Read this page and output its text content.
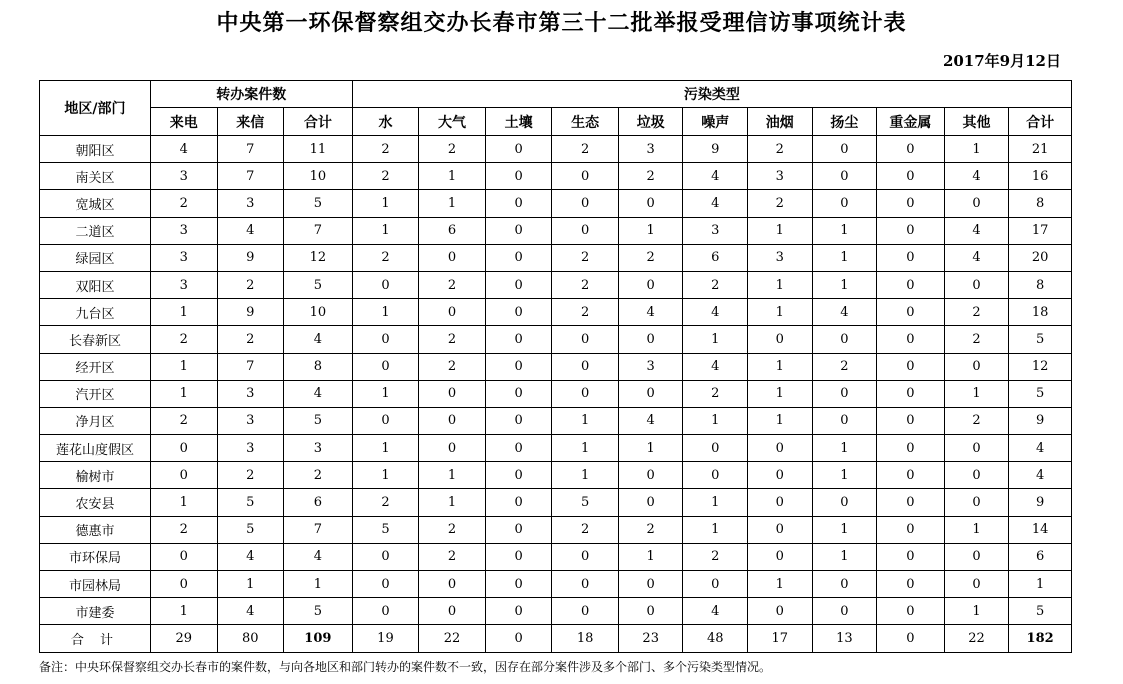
中央第一环保督察组交办长春市第三十二批举报受理信访事项统计表
2017年9月12日
地区/部门	转办案件数			污染类型										
	来电	来信	合计	水	大气	土壤	生态	垃圾	噪声	油烟	扬尘	重金属	其他	合计
朝阳区	4	7	11	2	2	0	2	3	9	2	0	0	1	21
南关区	3	7	10	2	1	0	0	2	4	3	0	0	4	16
宽城区	2	3	5	1	1	0	0	0	4	2	0	0	0	8
二道区	3	4	7	1	6	0	0	1	3	1	1	0	4	17
绿园区	3	9	12	2	0	0	2	2	6	3	1	0	4	20
双阳区	3	2	5	0	2	0	2	0	2	1	1	0	0	8
九台区	1	9	10	1	0	0	2	4	4	1	4	0	2	18
长春新区	2	2	4	0	2	0	0	0	1	0	0	0	2	5
经开区	1	7	8	0	2	0	0	3	4	1	2	0	0	12
汽开区	1	3	4	1	0	0	0	0	2	1	0	0	1	5
净月区	2	3	5	0	0	0	1	4	1	1	0	0	2	9
莲花山度假区	0	3	3	1	0	0	1	1	0	0	1	0	0	4
榆树市	0	2	2	1	1	0	1	0	0	0	1	0	0	4
农安县	1	5	6	2	1	0	5	0	1	0	0	0	0	9
德惠市	2	5	7	5	2	0	2	2	1	0	1	0	1	14
市环保局	0	4	4	0	2	0	0	1	2	0	1	0	0	6
市园林局	0	1	1	0	0	0	0	0	0	1	0	0	0	1
市建委	1	4	5	0	0	0	0	0	4	0	0	0	1	5
合 计	29	80	109	19	22	0	18	23	48	17	13	0	22	182
备注：中央环保督察组交办长春市的案件数，与向各地区和部门转办的案件数不一致，因存在部分案件涉及多个部门、多个污染类型情况。
